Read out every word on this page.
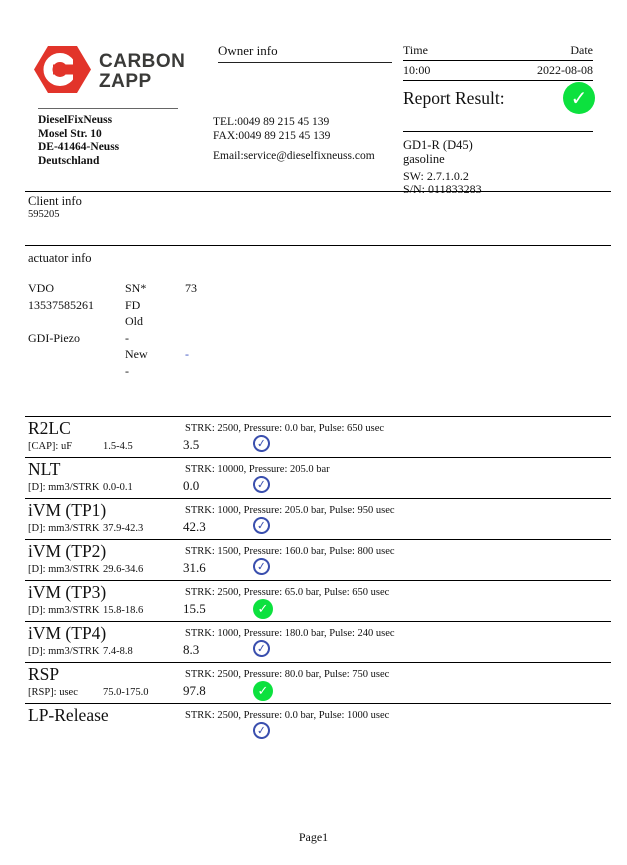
CARBON
ZAPP
Owner info	Time	Date
10:00	2022-08-08
Report Result:
✓
DieselFixNeuss
Mosel Str. 10
DE-41464-Neuss
Deutschland
TEL:0049 89 215 45 139
FAX:0049 89 215 45 139
Email:service@dieselfixneuss.com
GD1-R (D45)
gasoline
SW: 2.7.1.0.2
S/N: 011833283
Client info
595205
actuator info
VDO	SN*	73
13537585261	FD
Old
GDI-Piezo	-
New	-
-
R2LC	STRK: 2500, Pressure: 0.0 bar, Pulse: 650 usec
[CAP]: uF	1.5-4.5	3.5
✓
NLT	STRK: 10000, Pressure: 205.0 bar
[D]: mm3/STRK 0.0-0.1	0.0
✓
iVM (TP1)	STRK: 1000, Pressure: 205.0 bar, Pulse: 950 usec
[D]: mm3/STRK 37.9-42.3	42.3
✓
iVM (TP2)	STRK: 1500, Pressure: 160.0 bar, Pulse: 800 usec
[D]: mm3/STRK 29.6-34.6	31.6
✓
iVM (TP3)	STRK: 2500, Pressure: 65.0 bar, Pulse: 650 usec
[D]: mm3/STRK 15.8-18.6	15.5
✓
iVM (TP4)	STRK: 1000, Pressure: 180.0 bar, Pulse: 240 usec
[D]: mm3/STRK 7.4-8.8	8.3
✓
RSP	STRK: 2500, Pressure: 80.0 bar, Pulse: 750 usec
[RSP]: usec 75.0-175.0	97.8
✓
LP-Release	STRK: 2500, Pressure: 0.0 bar, Pulse: 1000 usec
✓
Page1
